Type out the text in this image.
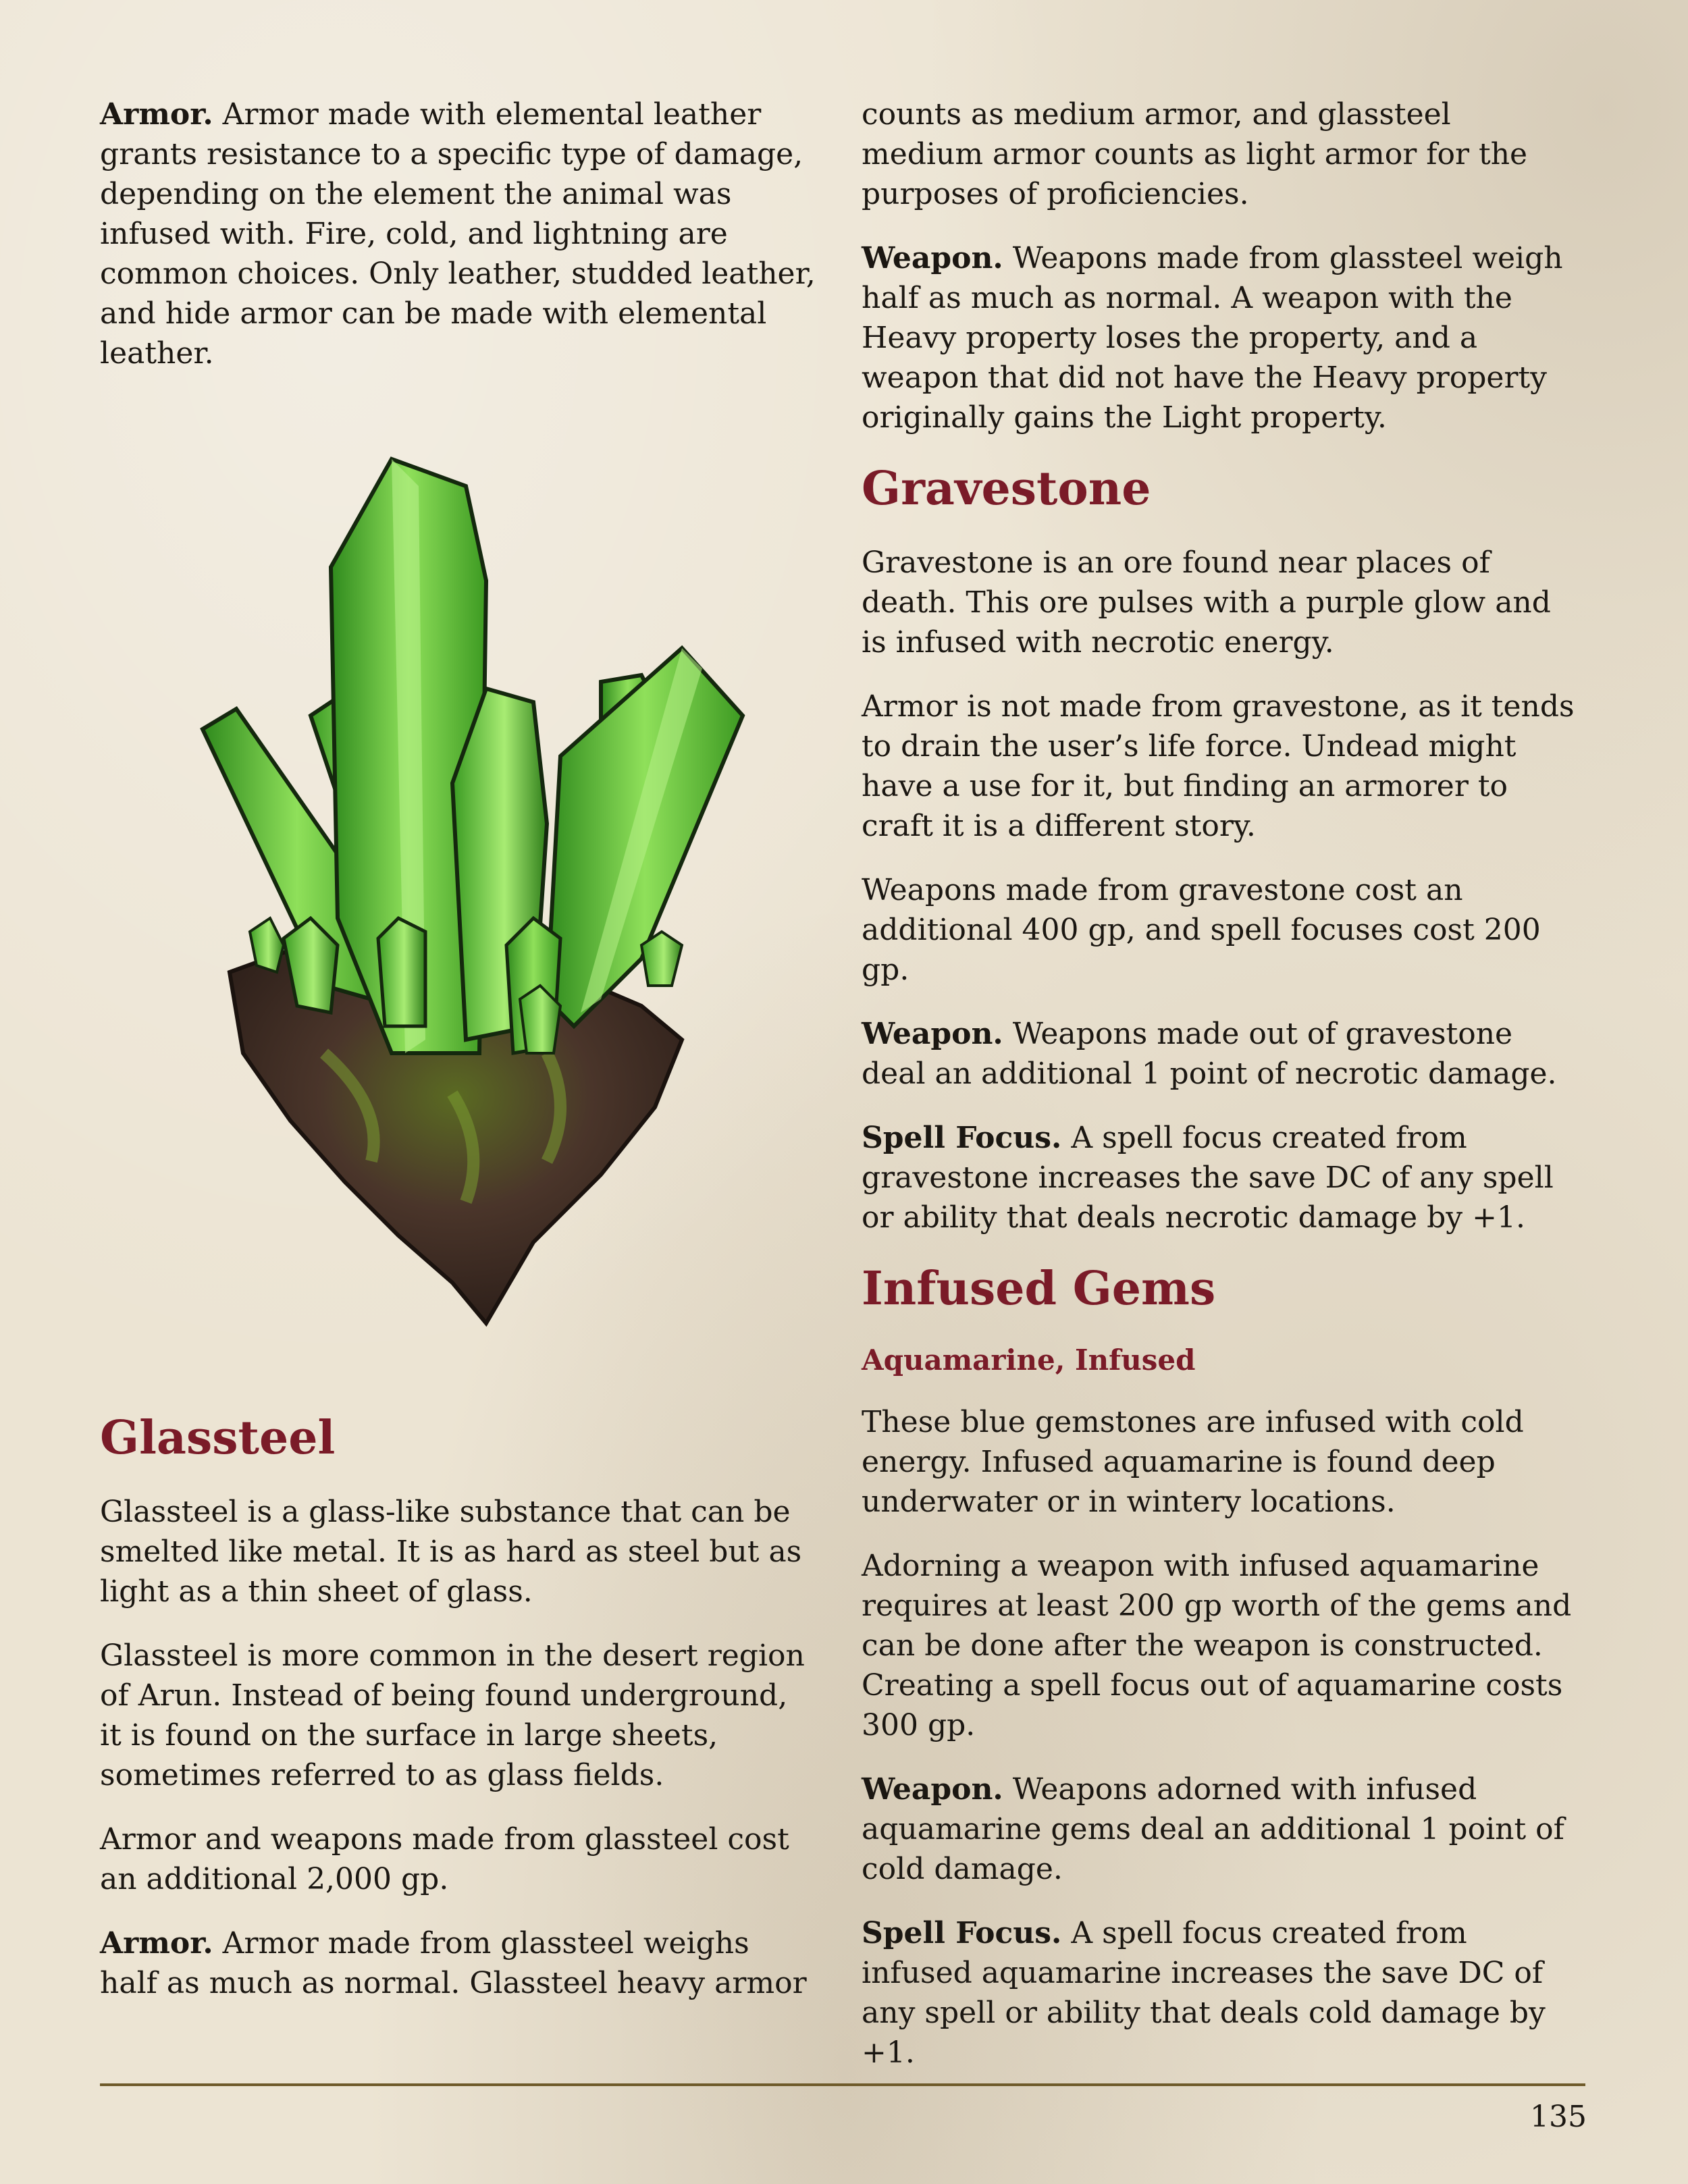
Armor. Armor made with elemental leather grants resistance to a specific type of damage, depending on the element the animal was infused with. Fire, cold, and lightning are common choices. Only leather, studded leather, and hide armor can be made with elemental leather.

Glassteel

Glassteel is a glass-like substance that can be smelted like metal. It is as hard as steel but as light as a thin sheet of glass.

Glassteel is more common in the desert region of Arun. Instead of being found underground, it is found on the surface in large sheets, sometimes referred to as glass fields.

Armor and weapons made from glassteel cost an additional 2,000 gp.

Armor. Armor made from glassteel weighs half as much as normal. Glassteel heavy armor

counts as medium armor, and glassteel medium armor counts as light armor for the purposes of proficiencies.

Weapon. Weapons made from glassteel weigh half as much as normal. A weapon with the Heavy property loses the property, and a weapon that did not have the Heavy property originally gains the Light property.

Gravestone

Gravestone is an ore found near places of death. This ore pulses with a purple glow and is infused with necrotic energy.

Armor is not made from gravestone, as it tends to drain the user’s life force. Undead might have a use for it, but finding an armorer to craft it is a different story.

Weapons made from gravestone cost an additional 400 gp, and spell focuses cost 200 gp.

Weapon. Weapons made out of gravestone deal an additional 1 point of necrotic damage.

Spell Focus. A spell focus created from gravestone increases the save DC of any spell or ability that deals necrotic damage by +1.

Infused Gems
Aquamarine, Infused

These blue gemstones are infused with cold energy. Infused aquamarine is found deep underwater or in wintery locations.

Adorning a weapon with infused aquamarine requires at least 200 gp worth of the gems and can be done after the weapon is constructed. Creating a spell focus out of aquamarine costs 300 gp.

Weapon. Weapons adorned with infused aquamarine gems deal an additional 1 point of cold damage.

Spell Focus. A spell focus created from infused aquamarine increases the save DC of any spell or ability that deals cold damage by +1.

135
